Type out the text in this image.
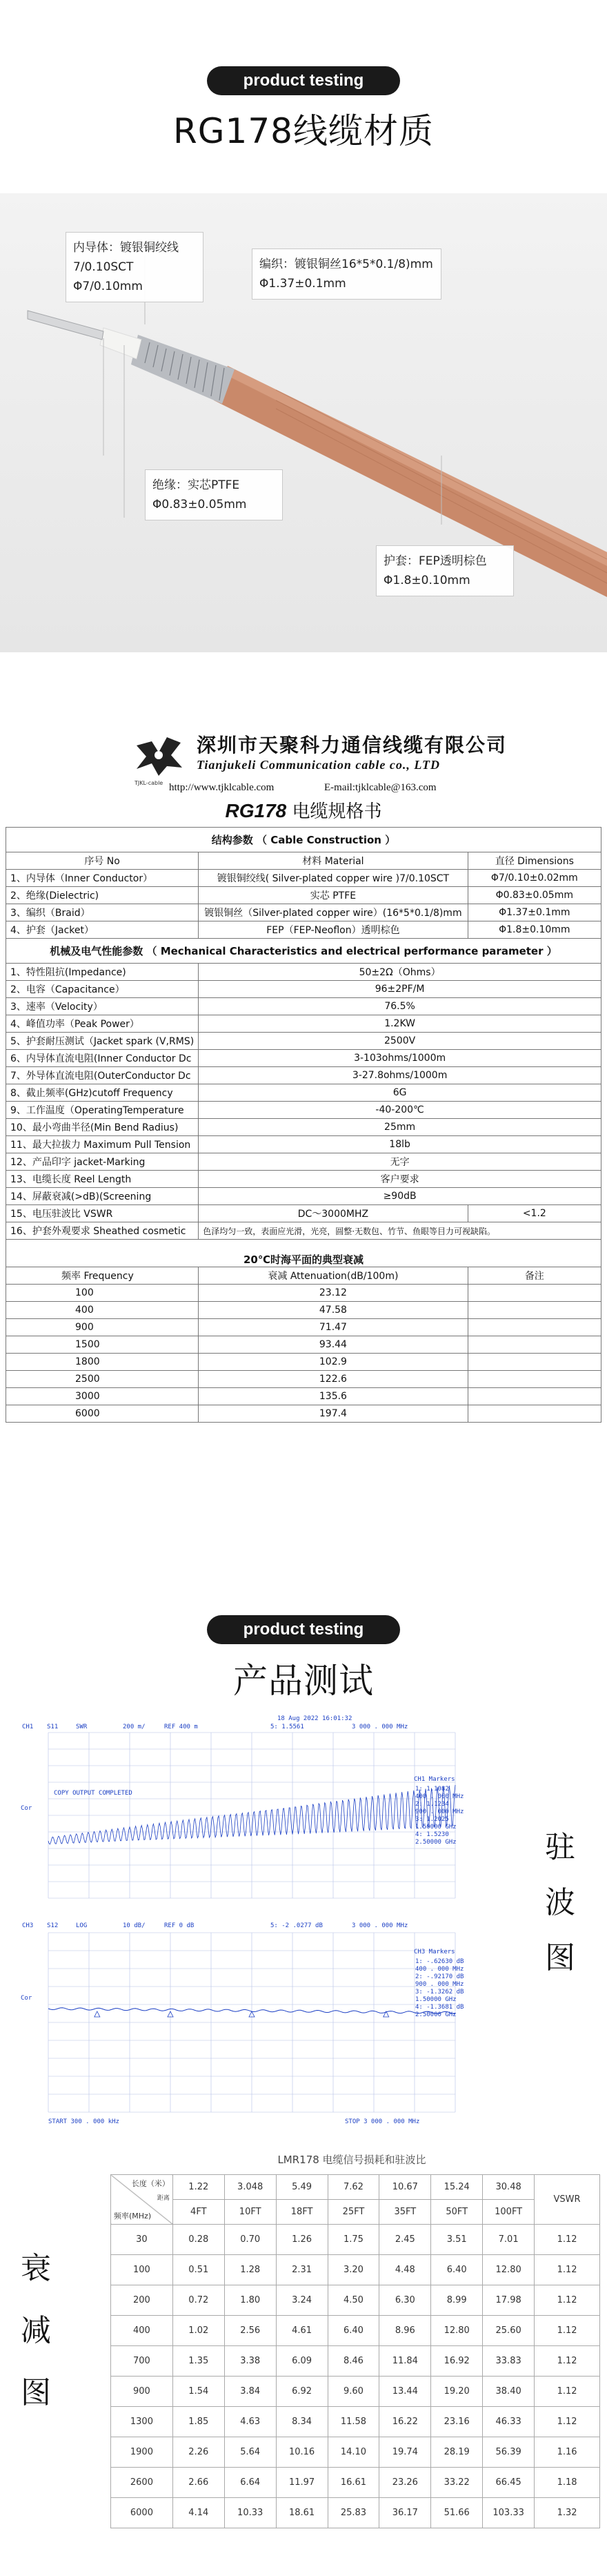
product testing
RG178线缆材质
内导体：镀银铜绞线
7/0.10SCT Φ7/0.10mm
编织：镀银铜丝16*5*0.1/8)mm
Φ1.37±0.1mm
绝缘：实芯PTFE
Φ0.83±0.05mm
护套：FEP透明棕色
Φ1.8±0.10mm
TJKL-cable
深圳市天聚科力通信线缆有限公司
Tianjukeli Communication cable co., LTD
http://www.tjklcable.com	E-mail:tjklcable@163.com
RG178 电缆规格书
结构参数 （ Cable Construction ）		
序号 No	材料 Material	直径 Dimensions
1、内导体（Inner Conductor）	镀银铜绞线( Silver-plated copper wire )7/0.10SCT	Φ7/0.10±0.02mm
2、绝缘(Dielectric)	实芯 PTFE	Φ0.83±0.05mm
3、编织（Braid）	镀银铜丝（Silver-plated copper wire）(16*5*0.1/8)mm	Φ1.37±0.1mm
4、护套（Jacket）	FEP（FEP-Neoflon）透明棕色	Φ1.8±0.10mm
机械及电气性能参数 （ Mechanical Characteristics and electrical performance parameter ）		
1、特性阻抗(Impedance)	50±2Ω（Ohms）	
2、电容（Capacitance）	96±2PF/M	
3、速率（Velocity）	76.5%	
4、峰值功率（Peak Power）	1.2KW	
5、护套耐压测试（Jacket spark (V,RMS)	2500V	
6、内导体直流电阻(Inner Conductor Dc	3-103ohms/1000m	
7、外导体直流电阻(OuterConductor Dc	3-27.8ohms/1000m	
8、截止频率(GHz)cutoff Frequency	6G	
9、工作温度（OperatingTemperature	-40-200℃	
10、最小弯曲半径(Min Bend Radius)	25mm	
11、最大拉拔力 Maximum Pull Tension	18lb	
12、产品印字 jacket-Marking	无字	
13、电缆长度 Reel Length	客户要求	
14、屏蔽衰减(>dB)(Screening	≥90dB	
15、电压驻波比 VSWR	DC～3000MHZ	<1.2
16、护套外观要求 Sheathed cosmetic	色泽均匀一致，表面应光滑，光亮，圆整·无数包、竹节、鱼眼等目力可视缺陷。	
20℃时海平面的典型衰减		
频率 Frequency	衰减 Attenuation(dB/100m)	备注
100	23.12	
400	47.58	
900	71.47	
1500	93.44	
1800	102.9	
2500	122.6	
3000	135.6	
6000	197.4	
product testing
产品测试
18 Aug 2022 16:01:32
CH1 S11	SWR	200 m/	REF 400 m	5: 1.5561	3 000 . 000 MHz
Cor
COPY OUTPUT COMPLETED
CH1 Markers
1: 1.1082
400 . 000 MHz
2: 1.1234
900 . 000 MHz
3: 1.2025
1.50000 GHz
4: 1.5230
2.50000 GHz
CH3 S12	LOG	10 dB/	REF 0 dB	5: -2 .0277 dB	3 000 . 000 MHz
Cor
CH3 Markers
1: -.62630 dB
400 . 000 MHz
2: -.92170 dB
900 . 000 MHz
3: -1.3262 dB
1.50000 GHz
4: -1.3681 dB
2.50000 GHz
START 300 . 000 kHz	STOP 3 000 . 000 MHz
驻
波
图
衰
减
图
LMR178 电缆信号损耗和驻波比
长度（米）
距离
频率(MHz)	1.22	3.048	5.49	7.62	10.67	15.24	30.48	VSWR
	4FT	10FT	18FT	25FT	35FT	50FT	100FT	
30	0.28	0.70	1.26	1.75	2.45	3.51	7.01	1.12
100	0.51	1.28	2.31	3.20	4.48	6.40	12.80	1.12
200	0.72	1.80	3.24	4.50	6.30	8.99	17.98	1.12
400	1.02	2.56	4.61	6.40	8.96	12.80	25.60	1.12
700	1.35	3.38	6.09	8.46	11.84	16.92	33.83	1.12
900	1.54	3.84	6.92	9.60	13.44	19.20	38.40	1.12
1300	1.85	4.63	8.34	11.58	16.22	23.16	46.33	1.12
1900	2.26	5.64	10.16	14.10	19.74	28.19	56.39	1.16
2600	2.66	6.64	11.97	16.61	23.26	33.22	66.45	1.18
6000	4.14	10.33	18.61	25.83	36.17	51.66	103.33	1.32
